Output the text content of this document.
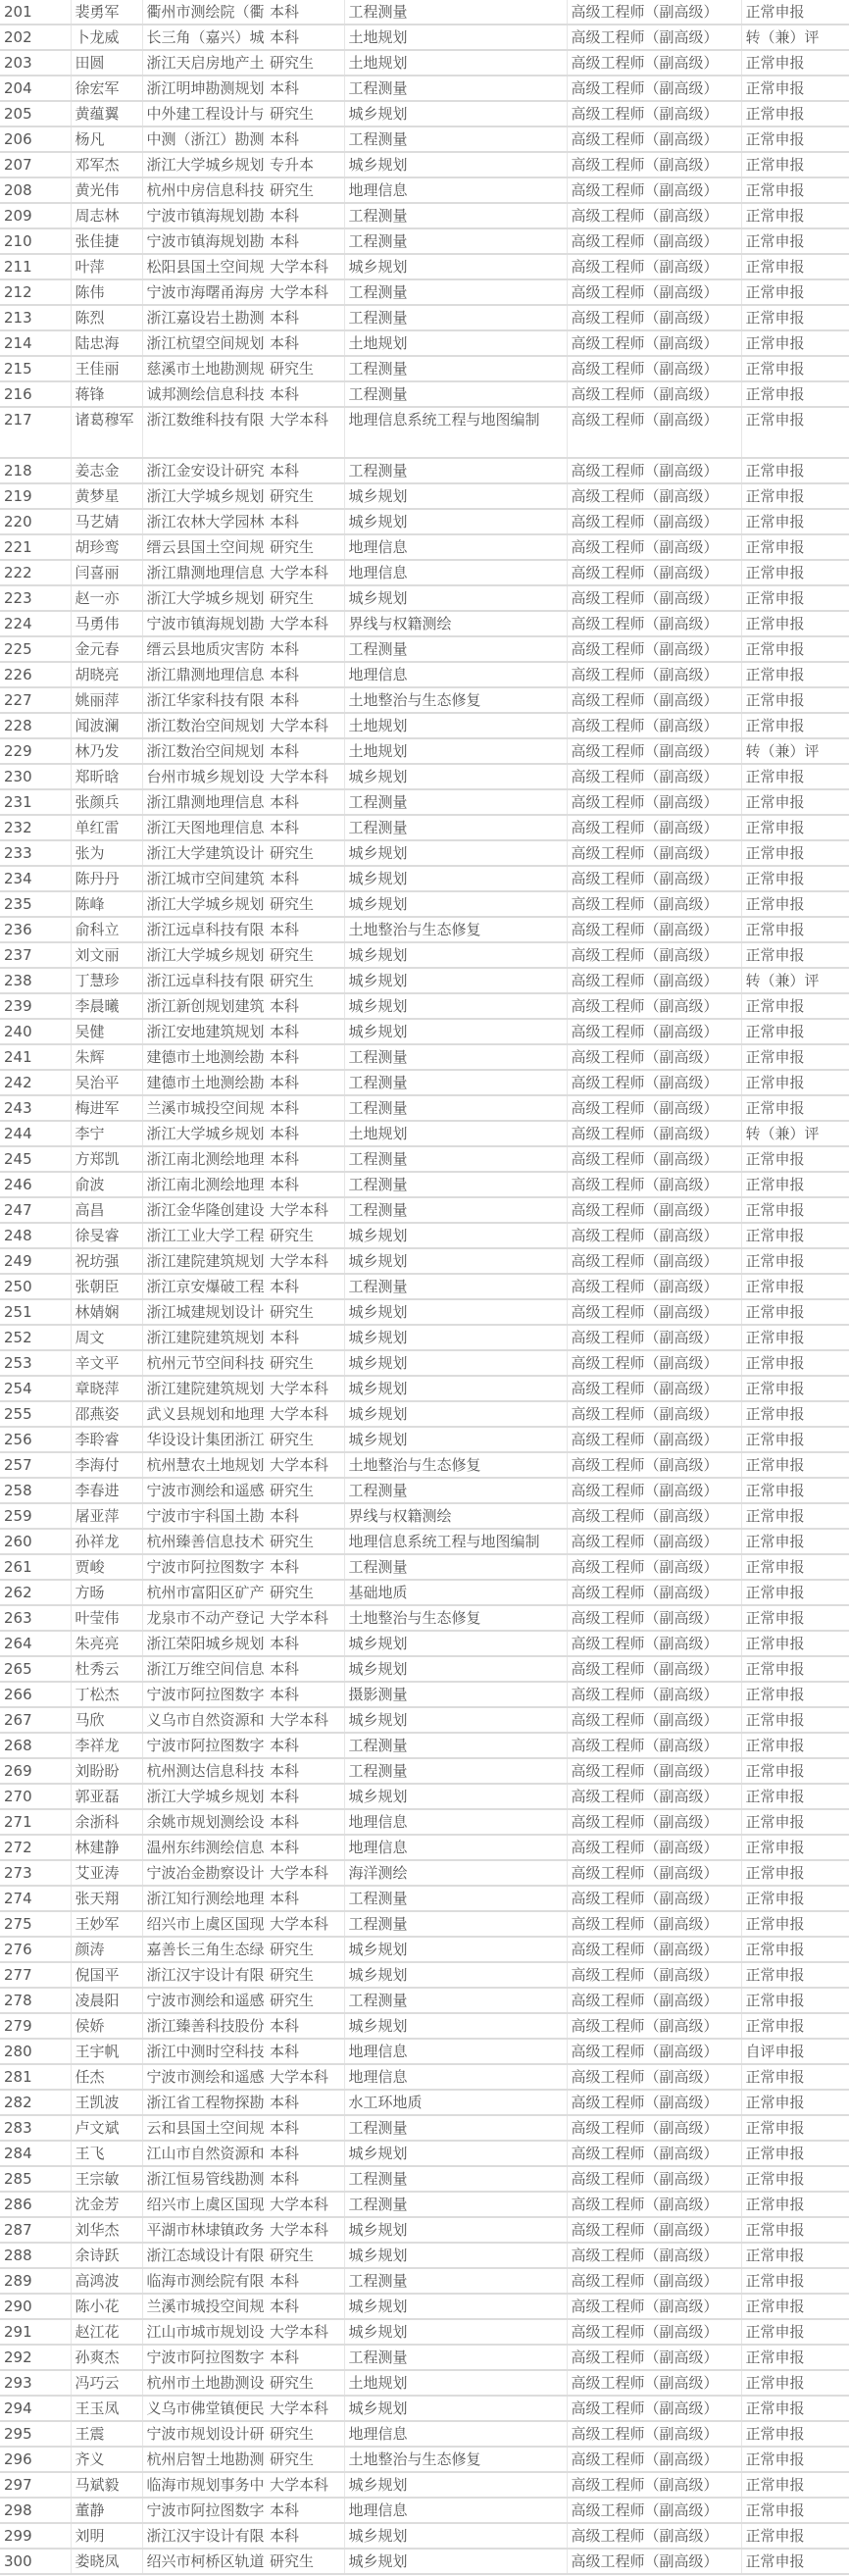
201	裴勇军	衢州市测绘院（衢	本科	工程测量	高级工程师（副高级）	正常申报
202	卜龙威	长三角（嘉兴）城	本科	土地规划	高级工程师（副高级）	转（兼）评
203	田圆	浙江天启房地产土	研究生	土地规划	高级工程师（副高级）	正常申报
204	徐宏军	浙江明坤勘测规划	本科	工程测量	高级工程师（副高级）	正常申报
205	黄蕴翼	中外建工程设计与	研究生	城乡规划	高级工程师（副高级）	正常申报
206	杨凡	中测（浙江）勘测	本科	工程测量	高级工程师（副高级）	正常申报
207	邓军杰	浙江大学城乡规划	专升本	城乡规划	高级工程师（副高级）	正常申报
208	黄光伟	杭州中房信息科技	研究生	地理信息	高级工程师（副高级）	正常申报
209	周志林	宁波市镇海规划勘	本科	工程测量	高级工程师（副高级）	正常申报
210	张佳捷	宁波市镇海规划勘	本科	工程测量	高级工程师（副高级）	正常申报
211	叶萍	松阳县国土空间规	大学本科	城乡规划	高级工程师（副高级）	正常申报
212	陈伟	宁波市海曙甬海房	大学本科	工程测量	高级工程师（副高级）	正常申报
213	陈烈	浙江嘉设岩土勘测	本科	工程测量	高级工程师（副高级）	正常申报
214	陆忠海	浙江杭望空间规划	本科	土地规划	高级工程师（副高级）	正常申报
215	王佳丽	慈溪市土地勘测规	研究生	工程测量	高级工程师（副高级）	正常申报
216	蒋锋	诚邦测绘信息科技	本科	工程测量	高级工程师（副高级）	正常申报
217	诸葛穆军	浙江数维科技有限	大学本科	地理信息系统工程与地图编制	高级工程师（副高级）	正常申报
218	姜志金	浙江金安设计研究	本科	工程测量	高级工程师（副高级）	正常申报
219	黄梦星	浙江大学城乡规划	研究生	城乡规划	高级工程师（副高级）	正常申报
220	马艺婧	浙江农林大学园林	本科	城乡规划	高级工程师（副高级）	正常申报
221	胡珍鸾	缙云县国土空间规	研究生	地理信息	高级工程师（副高级）	正常申报
222	闫喜丽	浙江鼎测地理信息	大学本科	地理信息	高级工程师（副高级）	正常申报
223	赵一亦	浙江大学城乡规划	研究生	城乡规划	高级工程师（副高级）	正常申报
224	马勇伟	宁波市镇海规划勘	大学本科	界线与权籍测绘	高级工程师（副高级）	正常申报
225	金元春	缙云县地质灾害防	本科	工程测量	高级工程师（副高级）	正常申报
226	胡晓亮	浙江鼎测地理信息	本科	地理信息	高级工程师（副高级）	正常申报
227	姚丽萍	浙江华家科技有限	本科	土地整治与生态修复	高级工程师（副高级）	正常申报
228	闻波澜	浙江数治空间规划	大学本科	土地规划	高级工程师（副高级）	正常申报
229	林乃发	浙江数治空间规划	本科	土地规划	高级工程师（副高级）	转（兼）评
230	郑昕晗	台州市城乡规划设	大学本科	城乡规划	高级工程师（副高级）	正常申报
231	张颜兵	浙江鼎测地理信息	本科	工程测量	高级工程师（副高级）	正常申报
232	单红雷	浙江天图地理信息	本科	工程测量	高级工程师（副高级）	正常申报
233	张为	浙江大学建筑设计	研究生	城乡规划	高级工程师（副高级）	正常申报
234	陈丹丹	浙江城市空间建筑	本科	城乡规划	高级工程师（副高级）	正常申报
235	陈峰	浙江大学城乡规划	研究生	城乡规划	高级工程师（副高级）	正常申报
236	俞科立	浙江远卓科技有限	本科	土地整治与生态修复	高级工程师（副高级）	正常申报
237	刘文丽	浙江大学城乡规划	研究生	城乡规划	高级工程师（副高级）	正常申报
238	丁慧珍	浙江远卓科技有限	研究生	城乡规划	高级工程师（副高级）	转（兼）评
239	李晨曦	浙江新创规划建筑	本科	城乡规划	高级工程师（副高级）	正常申报
240	吴健	浙江安地建筑规划	本科	城乡规划	高级工程师（副高级）	正常申报
241	朱辉	建德市土地测绘勘	本科	工程测量	高级工程师（副高级）	正常申报
242	吴治平	建德市土地测绘勘	本科	工程测量	高级工程师（副高级）	正常申报
243	梅进军	兰溪市城投空间规	本科	工程测量	高级工程师（副高级）	正常申报
244	李宁	浙江大学城乡规划	本科	土地规划	高级工程师（副高级）	转（兼）评
245	方郑凯	浙江南北测绘地理	本科	工程测量	高级工程师（副高级）	正常申报
246	俞波	浙江南北测绘地理	本科	工程测量	高级工程师（副高级）	正常申报
247	高昌	浙江金华隆创建设	大学本科	工程测量	高级工程师（副高级）	正常申报
248	徐旻睿	浙江工业大学工程	研究生	城乡规划	高级工程师（副高级）	正常申报
249	祝坊强	浙江建院建筑规划	大学本科	城乡规划	高级工程师（副高级）	正常申报
250	张朝臣	浙江京安爆破工程	本科	工程测量	高级工程师（副高级）	正常申报
251	林婧娴	浙江城建规划设计	研究生	城乡规划	高级工程师（副高级）	正常申报
252	周文	浙江建院建筑规划	本科	城乡规划	高级工程师（副高级）	正常申报
253	辛文平	杭州元节空间科技	研究生	城乡规划	高级工程师（副高级）	正常申报
254	章晓萍	浙江建院建筑规划	大学本科	城乡规划	高级工程师（副高级）	正常申报
255	邵燕姿	武义县规划和地理	大学本科	城乡规划	高级工程师（副高级）	正常申报
256	李聆睿	华设设计集团浙江	研究生	城乡规划	高级工程师（副高级）	正常申报
257	李海付	杭州慧农土地规划	大学本科	土地整治与生态修复	高级工程师（副高级）	正常申报
258	李春进	宁波市测绘和遥感	研究生	工程测量	高级工程师（副高级）	正常申报
259	屠亚萍	宁波市宇科国土勘	本科	界线与权籍测绘	高级工程师（副高级）	正常申报
260	孙祥龙	杭州臻善信息技术	研究生	地理信息系统工程与地图编制	高级工程师（副高级）	正常申报
261	贾峻	宁波市阿拉图数字	本科	工程测量	高级工程师（副高级）	正常申报
262	方旸	杭州市富阳区矿产	研究生	基础地质	高级工程师（副高级）	正常申报
263	叶莹伟	龙泉市不动产登记	大学本科	土地整治与生态修复	高级工程师（副高级）	正常申报
264	朱亮亮	浙江荣阳城乡规划	本科	城乡规划	高级工程师（副高级）	正常申报
265	杜秀云	浙江万维空间信息	本科	城乡规划	高级工程师（副高级）	正常申报
266	丁松杰	宁波市阿拉图数字	本科	摄影测量	高级工程师（副高级）	正常申报
267	马欣	义乌市自然资源和	大学本科	城乡规划	高级工程师（副高级）	正常申报
268	李祥龙	宁波市阿拉图数字	本科	工程测量	高级工程师（副高级）	正常申报
269	刘盼盼	杭州测达信息科技	本科	工程测量	高级工程师（副高级）	正常申报
270	郭亚磊	浙江大学城乡规划	本科	城乡规划	高级工程师（副高级）	正常申报
271	余浙科	余姚市规划测绘设	本科	地理信息	高级工程师（副高级）	正常申报
272	林建静	温州东纬测绘信息	本科	地理信息	高级工程师（副高级）	正常申报
273	艾亚涛	宁波冶金勘察设计	大学本科	海洋测绘	高级工程师（副高级）	正常申报
274	张天翔	浙江知行测绘地理	本科	工程测量	高级工程师（副高级）	正常申报
275	王妙军	绍兴市上虞区国现	大学本科	工程测量	高级工程师（副高级）	正常申报
276	颜涛	嘉善长三角生态绿	研究生	城乡规划	高级工程师（副高级）	正常申报
277	倪国平	浙江汉宇设计有限	研究生	城乡规划	高级工程师（副高级）	正常申报
278	凌晨阳	宁波市测绘和遥感	研究生	工程测量	高级工程师（副高级）	正常申报
279	侯娇	浙江臻善科技股份	本科	城乡规划	高级工程师（副高级）	正常申报
280	王宇帆	浙江中测时空科技	本科	地理信息	高级工程师（副高级）	自评申报
281	任杰	宁波市测绘和遥感	大学本科	地理信息	高级工程师（副高级）	正常申报
282	王凯波	浙江省工程物探勘	本科	水工环地质	高级工程师（副高级）	正常申报
283	卢文斌	云和县国土空间规	本科	工程测量	高级工程师（副高级）	正常申报
284	王飞	江山市自然资源和	本科	城乡规划	高级工程师（副高级）	正常申报
285	王宗敏	浙江恒易管线勘测	本科	工程测量	高级工程师（副高级）	正常申报
286	沈金芳	绍兴市上虞区国现	大学本科	工程测量	高级工程师（副高级）	正常申报
287	刘华杰	平湖市林埭镇政务	大学本科	城乡规划	高级工程师（副高级）	正常申报
288	余诗跃	浙江态域设计有限	研究生	城乡规划	高级工程师（副高级）	正常申报
289	高鸿波	临海市测绘院有限	本科	工程测量	高级工程师（副高级）	正常申报
290	陈小花	兰溪市城投空间规	本科	城乡规划	高级工程师（副高级）	正常申报
291	赵江花	江山市城市规划设	大学本科	城乡规划	高级工程师（副高级）	正常申报
292	孙爽杰	宁波市阿拉图数字	本科	工程测量	高级工程师（副高级）	正常申报
293	冯巧云	杭州市土地勘测设	研究生	土地规划	高级工程师（副高级）	正常申报
294	王玉凤	义乌市佛堂镇便民	大学本科	城乡规划	高级工程师（副高级）	正常申报
295	王震	宁波市规划设计研	研究生	地理信息	高级工程师（副高级）	正常申报
296	齐义	杭州启智土地勘测	研究生	土地整治与生态修复	高级工程师（副高级）	正常申报
297	马斌毅	临海市规划事务中	大学本科	城乡规划	高级工程师（副高级）	正常申报
298	董静	宁波市阿拉图数字	本科	地理信息	高级工程师（副高级）	正常申报
299	刘明	浙江汉宇设计有限	本科	城乡规划	高级工程师（副高级）	正常申报
300	娄晓凤	绍兴市柯桥区轨道	研究生	城乡规划	高级工程师（副高级）	正常申报
